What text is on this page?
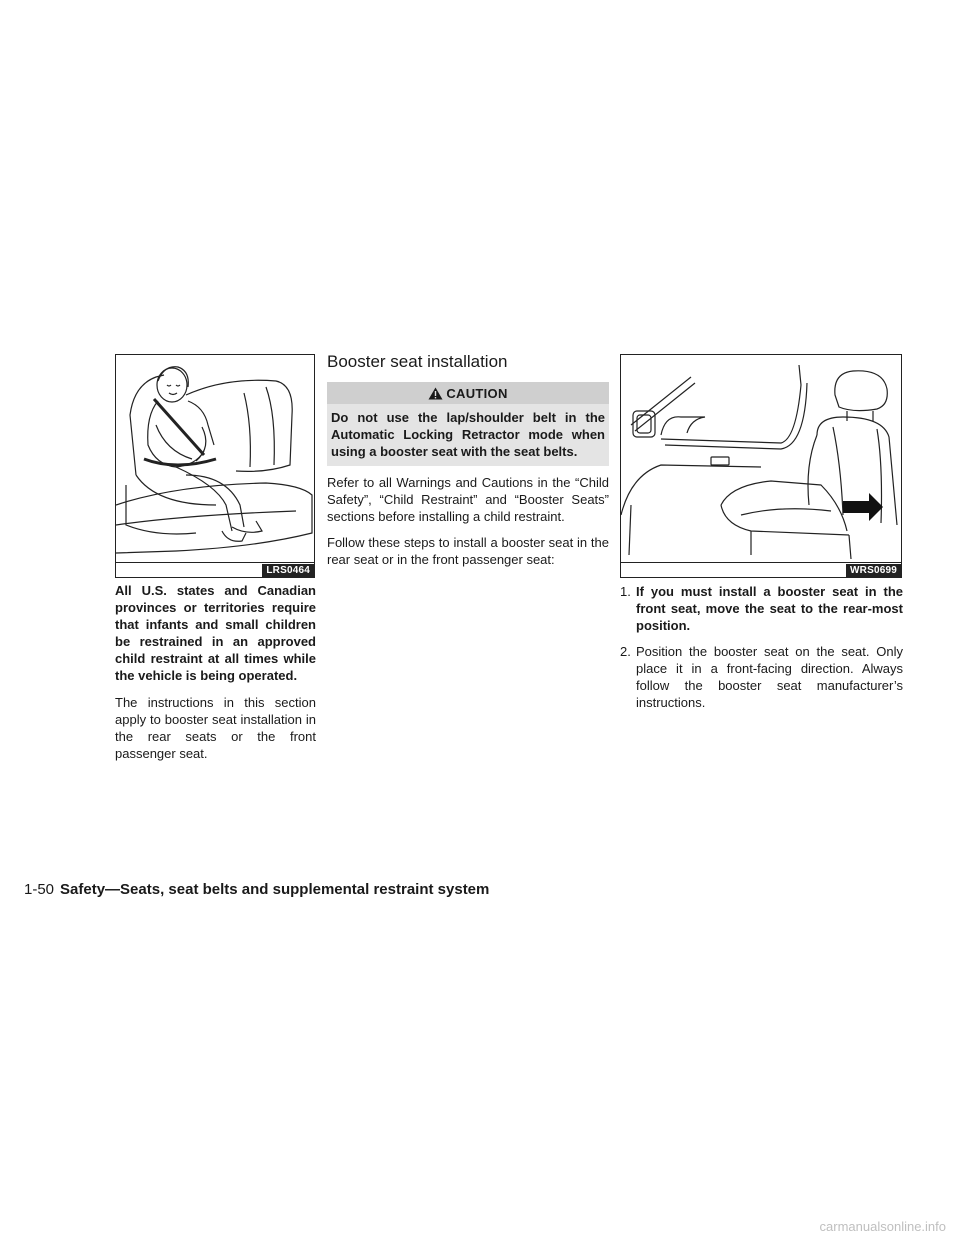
LRS0464

All U.S. states and Canadian provinces or territories require that infants and small children be restrained in an approved child restraint at all times while the vehicle is being operated.

The instructions in this section apply to booster seat installation in the rear seats or the front passenger seat.

Booster seat installation
CAUTION
Do not use the lap/shoulder belt in the Automatic Locking Retractor mode when using a booster seat with the seat belts.

Refer to all Warnings and Cautions in the “Child Safety”, “Child Restraint” and “Booster Seats” sections before installing a child restraint.

Follow these steps to install a booster seat in the rear seat or in the front passenger seat:

WRS0699
1. If you must install a booster seat in the front seat, move the seat to the rear-most position.
2. Position the booster seat on the seat. Only place it in a front-facing direction. Always follow the booster seat manufacturer’s instructions.
1-50 Safety—Seats, seat belts and supplemental restraint system
carmanualsonline.info
